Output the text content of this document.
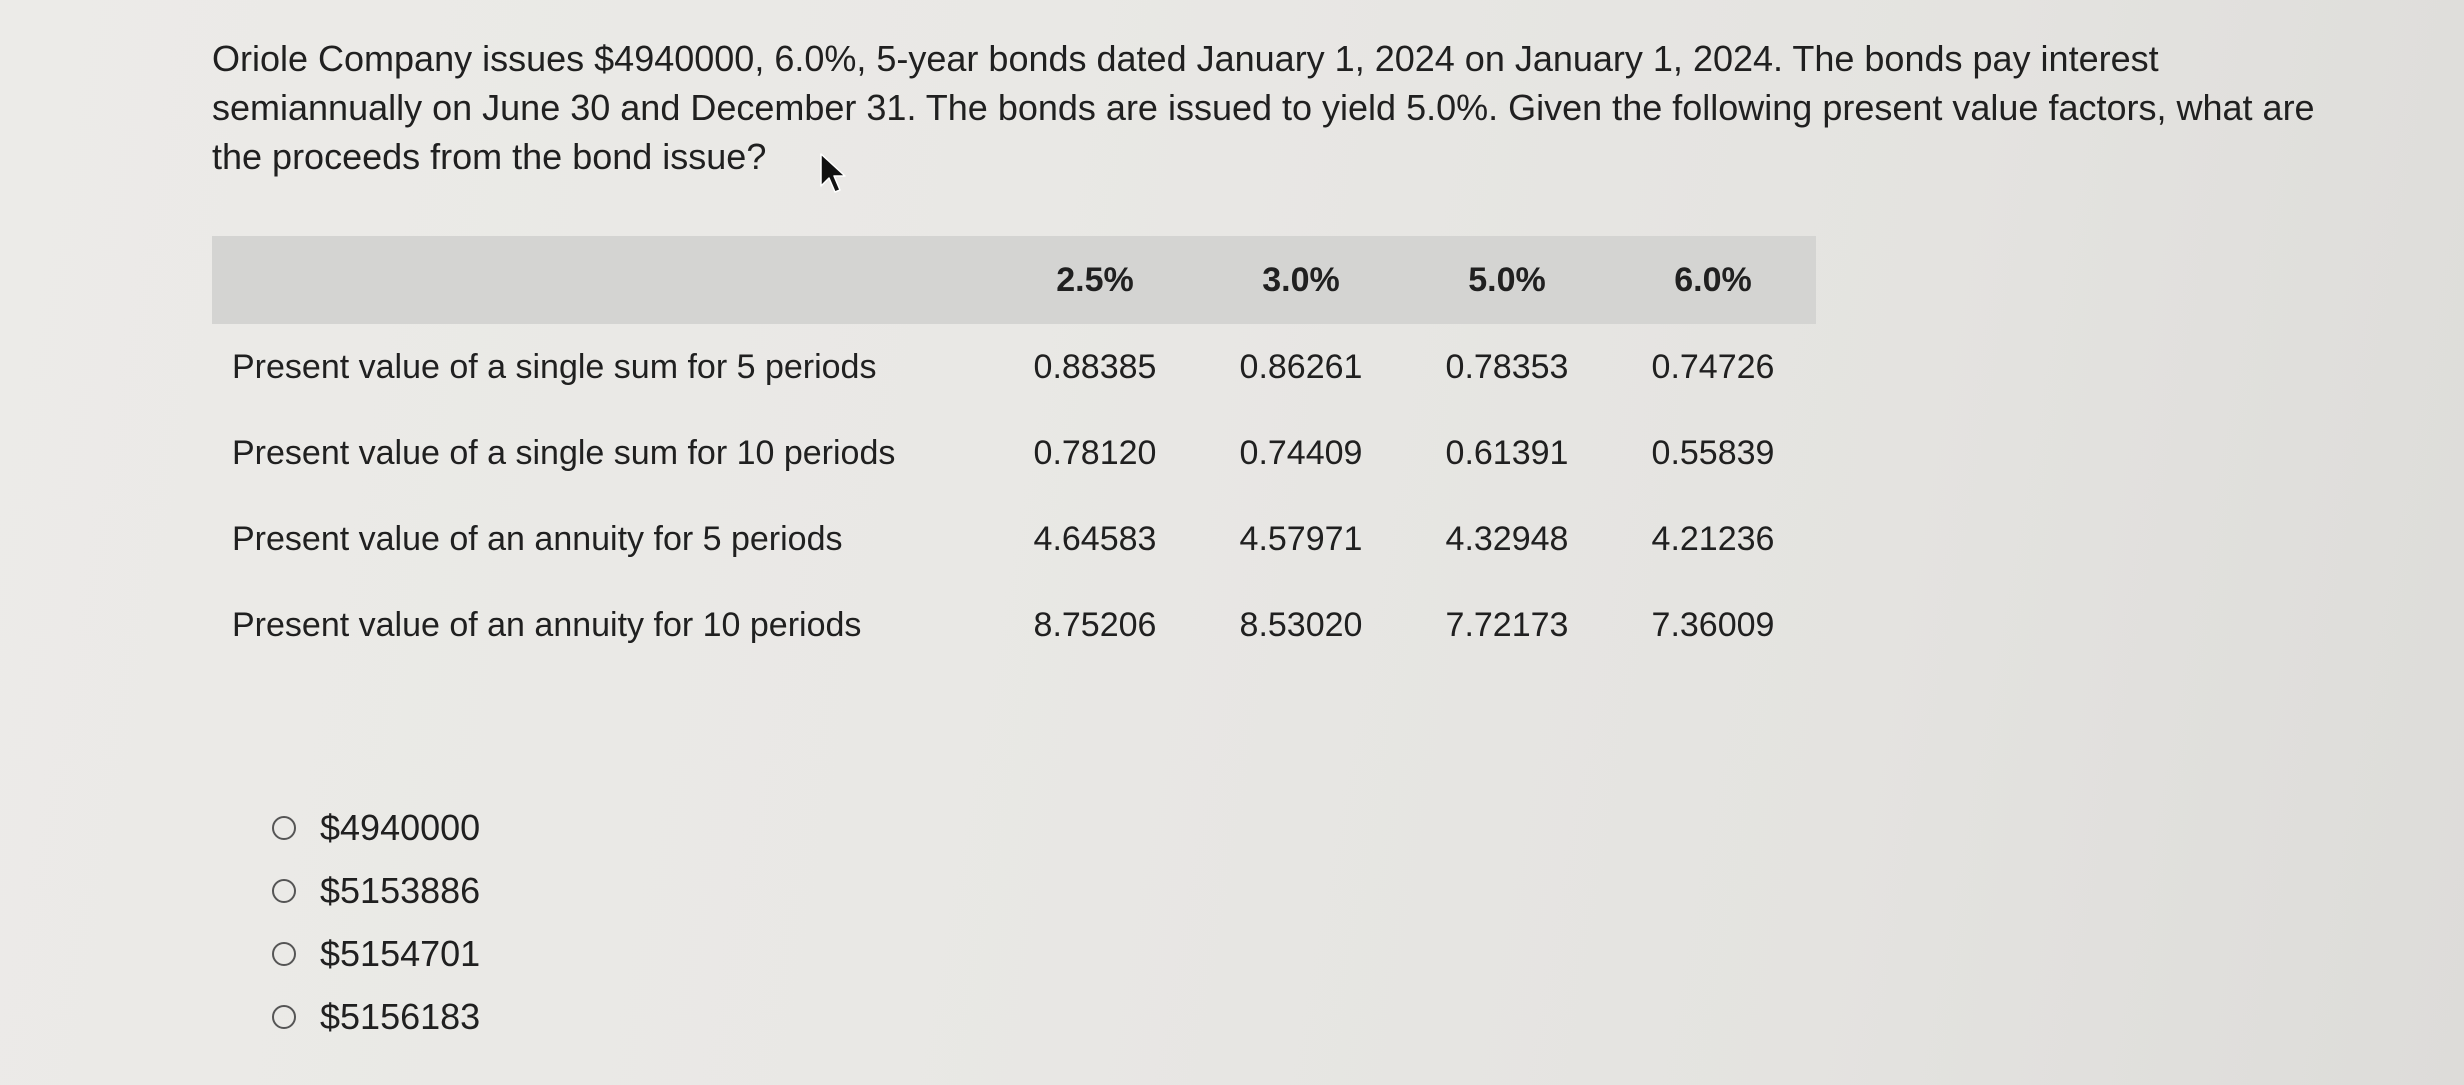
Oriole Company issues $4940000, 6.0%, 5-year bonds dated January 1, 2024 on January 1, 2024. The bonds pay interest semiannually on June 30 and December 31. The bonds are issued to yield 5.0%. Given the following present value factors, what are the proceeds from the bond issue?

	2.5%	3.0%	5.0%	6.0%
Present value of a single sum for 5 periods	0.88385	0.86261	0.78353	0.74726
Present value of a single sum for 10 periods	0.78120	0.74409	0.61391	0.55839
Present value of an annuity for 5 periods	4.64583	4.57971	4.32948	4.21236
Present value of an annuity for 10 periods	8.75206	8.53020	7.72173	7.36009
$4940000
$5153886
$5154701
$5156183
